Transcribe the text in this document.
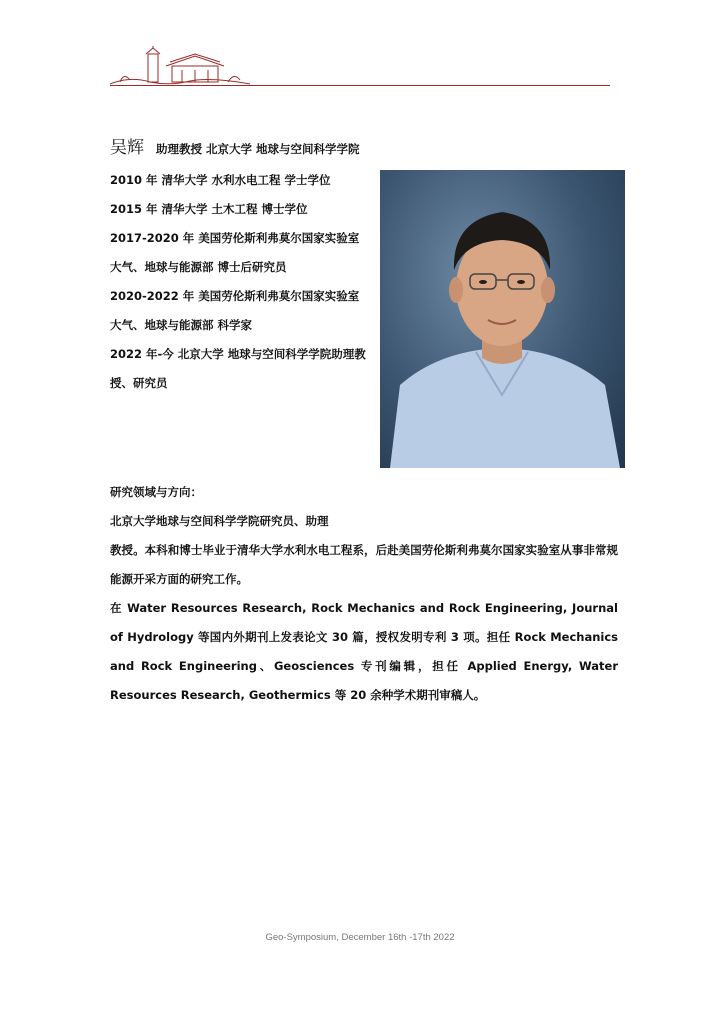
吴辉 助理教授 北京大学 地球与空间科学学院

2010 年 清华大学 水利水电工程 学士学位

2015 年 清华大学 土木工程 博士学位

2017-2020 年 美国劳伦斯利弗莫尔国家实验室

大气、地球与能源部 博士后研究员

2020-2022 年 美国劳伦斯利弗莫尔国家实验室

大气、地球与能源部 科学家

2022 年-今 北京大学 地球与空间科学学院助理教授、研究员

研究领域与方向：

北京大学地球与空间科学学院研究员、助理

教授。本科和博士毕业于清华大学水利水电工程系，后赴美国劳伦斯利弗莫尔国家实验室从事非常规能源开采方面的研究工作。

在 Water Resources Research, Rock Mechanics and Rock Engineering, Journal of Hydrology 等国内外期刊上发表论文 30 篇，授权发明专利 3 项。担任 Rock Mechanics and Rock Engineering、Geosciences 专刊编辑，担任 Applied Energy, Water Resources Research, Geothermics 等 20 余种学术期刊审稿人。

Geo-Symposium, December 16th -17th 2022
